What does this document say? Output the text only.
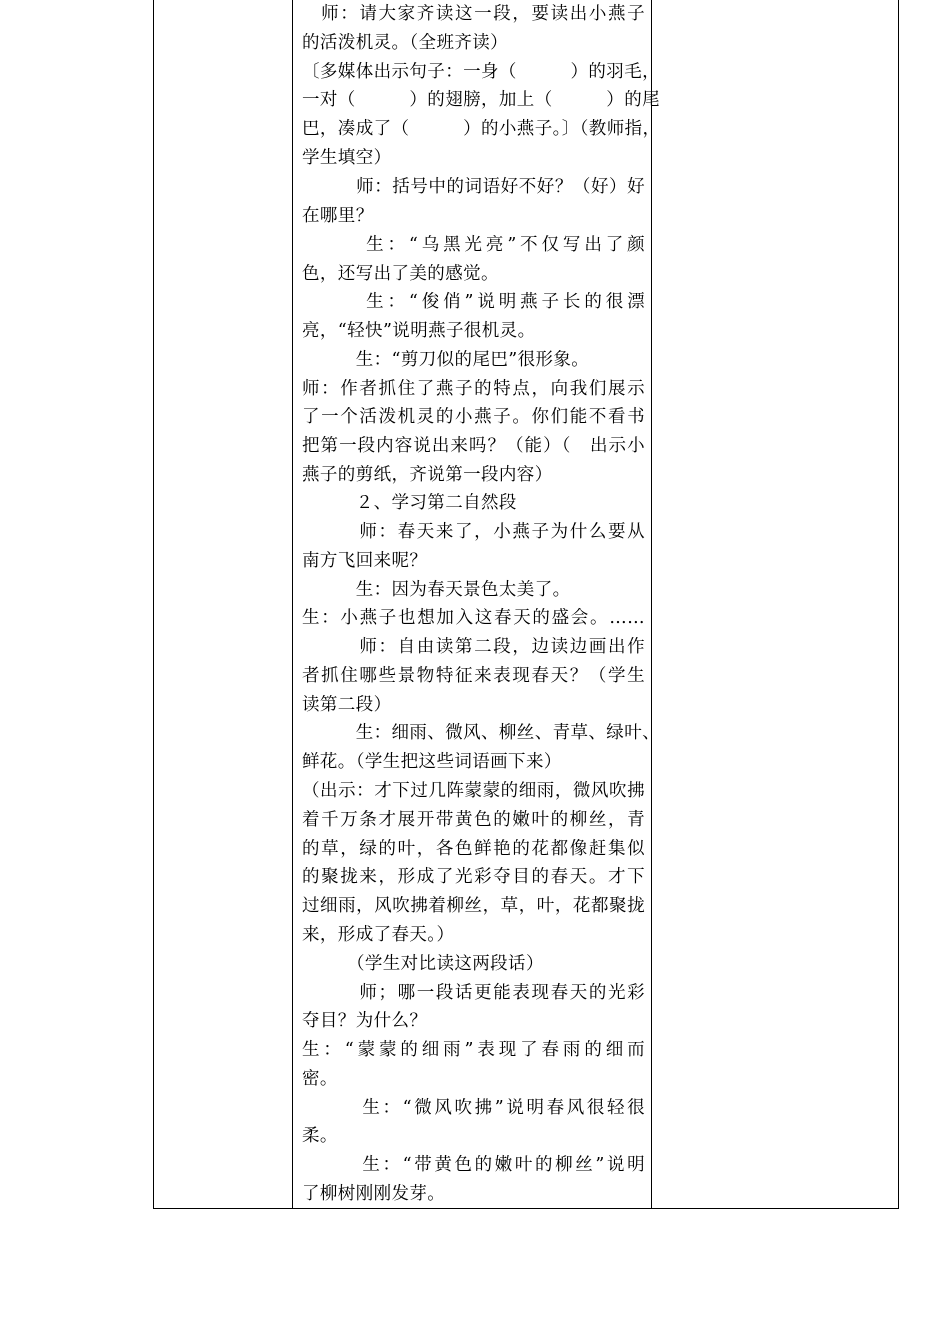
　师：请大家齐读这一段，要读出小燕子
的活泼机灵。（全班齐读）
〔多媒体出示句子：一身（　　　）的羽毛，
一对（　　　）的翅膀，加上（　　　）的尾
巴，凑成了（　　　）的小燕子。〕（教师指，
学生填空）
　　　师：括号中的词语好不好？（好）好
在哪里？
　　　生：“乌黑光亮”不仅写出了颜
色，还写出了美的感觉。
　　　生：“俊俏”说明燕子长的很漂
亮，“轻快”说明燕子很机灵。
　　　生：“剪刀似的尾巴”很形象。
师：作者抓住了燕子的特点，向我们展示
了一个活泼机灵的小燕子。你们能不看书
把第一段内容说出来吗？（能）（　出示小
燕子的剪纸，齐说第一段内容）
　　　２、学习第二自然段
　　　师：春天来了，小燕子为什么要从
南方飞回来呢？
　　　生：因为春天景色太美了。
生：小燕子也想加入这春天的盛会。……
　　　师：自由读第二段，边读边画出作
者抓住哪些景物特征来表现春天？（学生
读第二段）
　　　生：细雨、微风、柳丝、青草、绿叶、
鲜花。（学生把这些词语画下来）
（出示：才下过几阵蒙蒙的细雨，微风吹拂
着千万条才展开带黄色的嫩叶的柳丝，青
的草，绿的叶，各色鲜艳的花都像赶集似
的聚拢来，形成了光彩夺目的春天。才下
过细雨，风吹拂着柳丝，草，叶，花都聚拢
来，形成了春天。）
　　　（学生对比读这两段话）
　　　师；哪一段话更能表现春天的光彩
夺目？为什么？
生：“蒙蒙的细雨”表现了春雨的细而
密。
　　　生：“微风吹拂”说明春风很轻很
柔。
　　　生：“带黄色的嫩叶的柳丝”说明
了柳树刚刚发芽。
